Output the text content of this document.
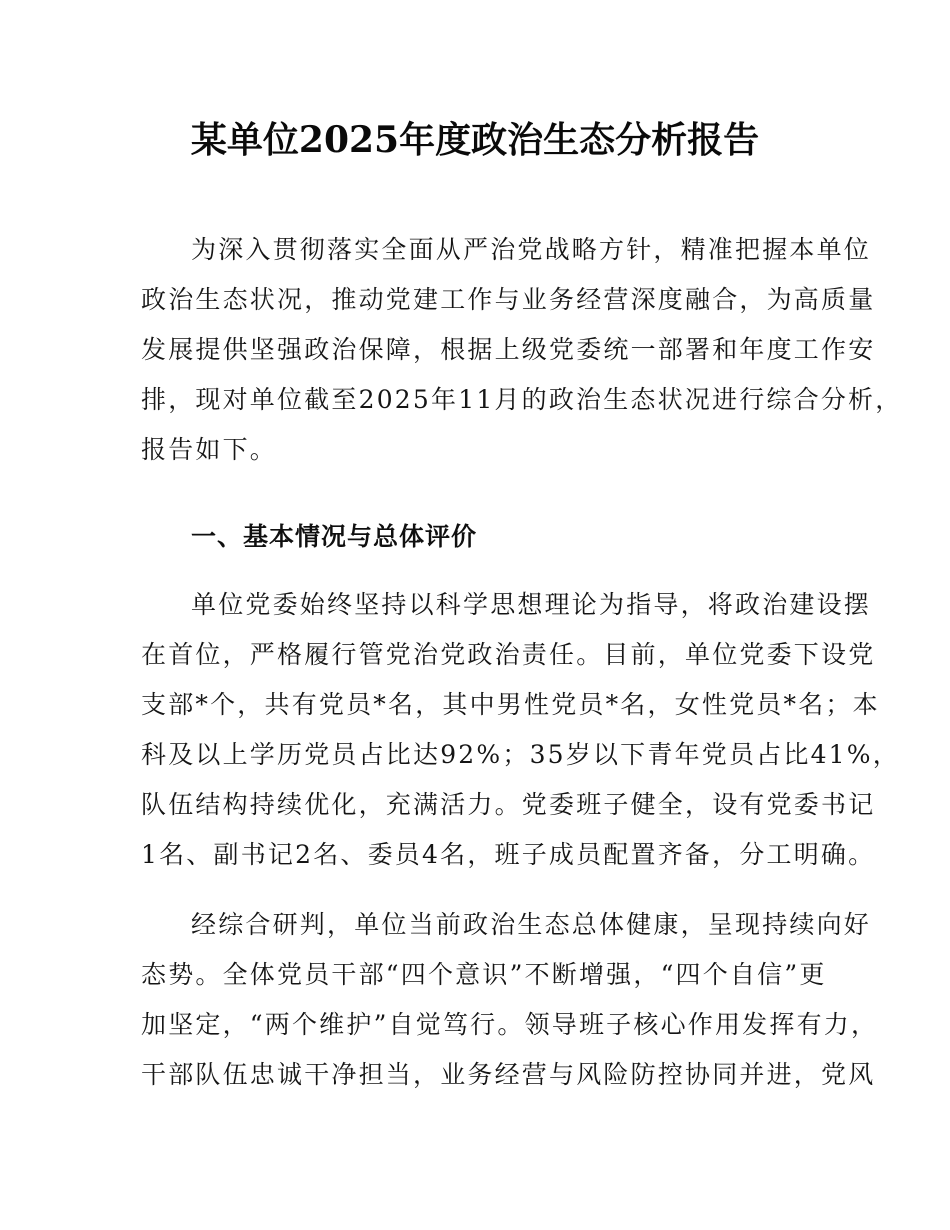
某单位2025年度政治生态分析报告
为深入贯彻落实全面从严治党战略方针，精准把握本单位
政治生态状况，推动党建工作与业务经营深度融合，为高质量
发展提供坚强政治保障，根据上级党委统一部署和年度工作安
排，现对单位截至2025年11月的政治生态状况进行综合分析，
报告如下。
一、基本情况与总体评价
单位党委始终坚持以科学思想理论为指导，将政治建设摆
在首位，严格履行管党治党政治责任。目前，单位党委下设党
支部*个，共有党员*名，其中男性党员*名，女性党员*名；本
科及以上学历党员占比达92%；35岁以下青年党员占比41%，
队伍结构持续优化，充满活力。党委班子健全，设有党委书记
1名、副书记2名、委员4名，班子成员配置齐备，分工明确。
经综合研判，单位当前政治生态总体健康，呈现持续向好
态势。全体党员干部“四个意识”不断增强，“四个自信”更
加坚定，“两个维护”自觉笃行。领导班子核心作用发挥有力，
干部队伍忠诚干净担当，业务经营与风险防控协同并进，党风
